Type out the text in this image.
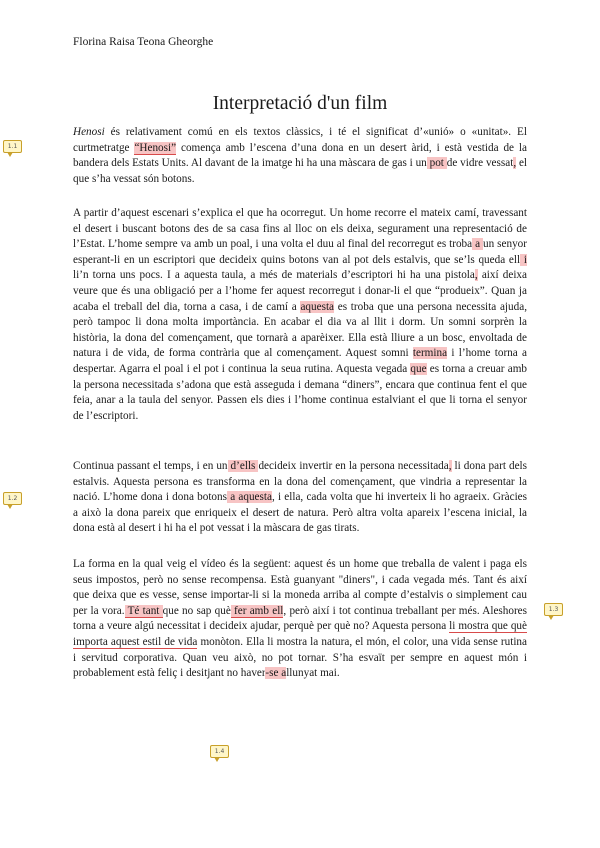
Florina Raisa Teona Gheorghe
Interpretació d'un film
Henosi és relativament comú en els textos clàssics, i té el significat d’«unió» o «unitat». El curtmetratge “Henosi” comença amb l’escena d’una dona en un desert àrid, i està vestida de la bandera dels Estats Units. Al davant de la imatge hi ha una màscara de gas i un pot de vidre vessat, el que s’ha vessat són botons.
A partir d’aquest escenari s’explica el que ha ocorregut. Un home recorre el mateix camí, travessant el desert i buscant botons des de sa casa fins al lloc on els deixa, segurament una representació de l’Estat. L’home sempre va amb un poal, i una volta el duu al final del recorregut es troba a un senyor esperant-li en un escriptori que decideix quins botons van al pot dels estalvis, que se’ls queda ell i li’n torna uns pocs. I a aquesta taula, a més de materials d’escriptori hi ha una pistola, així deixa veure que és una obligació per a l’home fer aquest recorregut i donar-li el que “produeix”. Quan ja acaba el treball del dia, torna a casa, i de camí a aquesta es troba que una persona necessita ajuda, però tampoc li dona molta importància. En acabar el dia va al llit i dorm. Un somni sorprèn la història, la dona del començament, que tornarà a aparèixer. Ella està lliure a un bosc, envoltada de natura i de vida, de forma contrària que al començament. Aquest somni termina i l’home torna a despertar. Agarra el poal i el pot i continua la seua rutina. Aquesta vegada que es torna a creuar amb la persona necessitada s’adona que està asseguda i demana “diners”, encara que continua fent el que feia, anar a la taula del senyor. Passen els dies i l’home continua estalviant el que li torna el senyor de l’escriptori.
Continua passant el temps, i en un d’ells decideix invertir en la persona necessitada, li dona part dels estalvis. Aquesta persona es transforma en la dona del començament, que vindria a representar la nació. L’home dona i dona botons a aquesta, i ella, cada volta que hi inverteix li ho agraeix. Gràcies a això la dona pareix que enriqueix el desert de natura. Però altra volta apareix l’escena inicial, la dona està al desert i hi ha el pot vessat i la màscara de gas tirats.
La forma en la qual veig el vídeo és la següent: aquest és un home que treballa de valent i paga els seus impostos, però no sense recompensa. Està guanyant "diners", i cada vegada més. Tant és així que deixa que es vesse, sense importar-li si la moneda arriba al compte d’estalvis o simplement cau per la vora. Té tant que no sap què fer amb ell, però així i tot continua treballant per més. Aleshores torna a veure algú necessitat i decideix ajudar, perquè per què no? Aquesta persona li mostra que què importa aquest estil de vida monòton. Ella li mostra la natura, el món, el color, una vida sense rutina i servitud corporativa. Quan veu això, no pot tornar. S’ha esvaït per sempre en aquest món i probablement està feliç i desitjant no haver-se allunyat mai.
1.1
1.2
1.3
1.4
